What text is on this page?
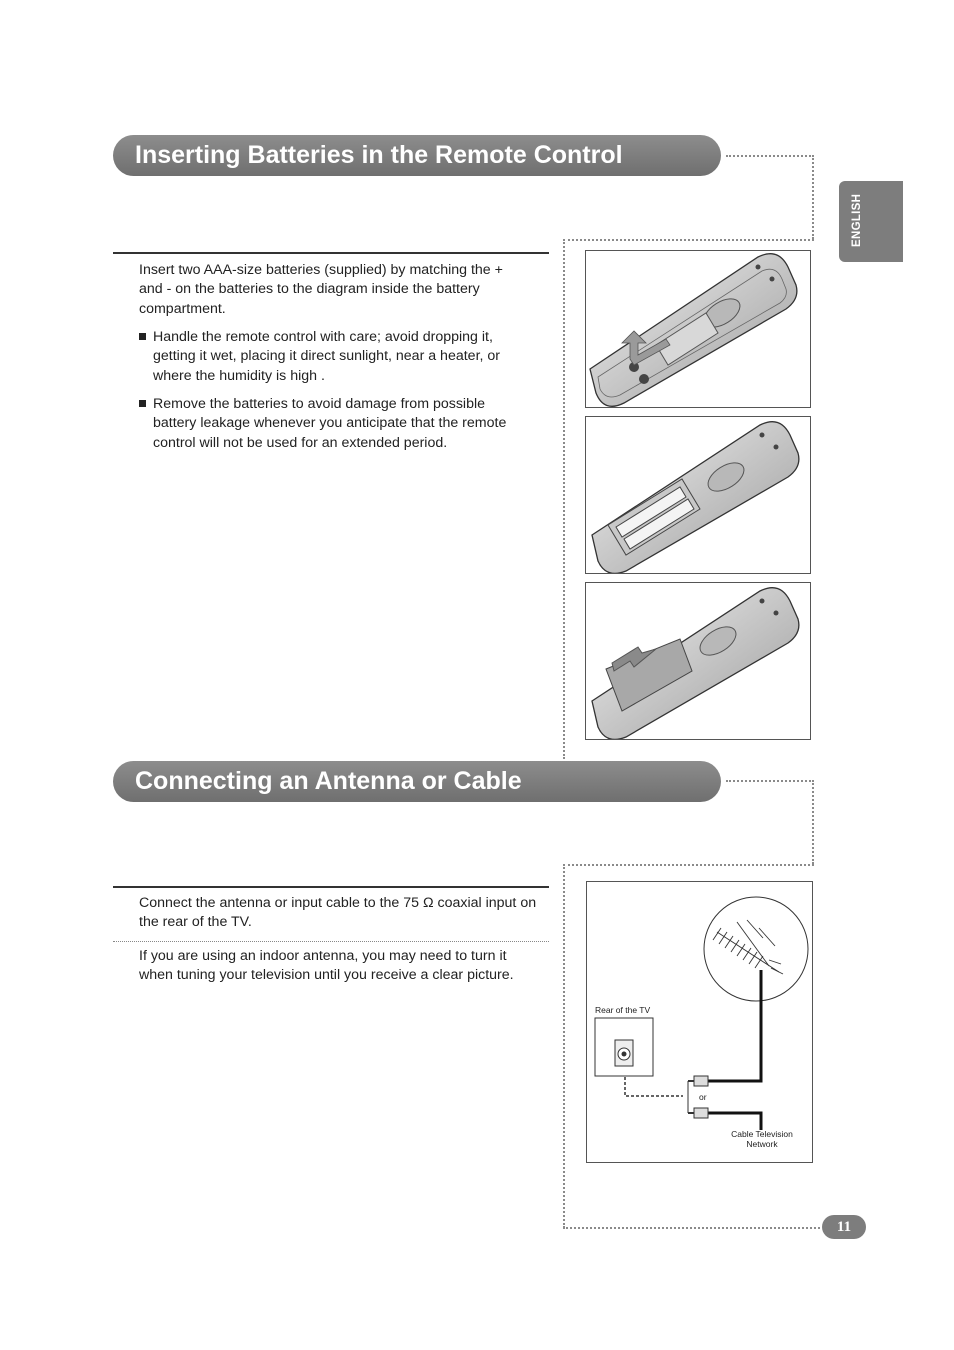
Inserting Batteries in the Remote Control
Insert two AAA-size batteries (supplied) by matching the + and - on the batteries to the diagram inside the battery compartment.
Handle the remote control with care; avoid dropping it, getting it wet, placing it direct sunlight, near a heater, or where the humidity is high .
Remove the batteries to avoid damage from possible battery leakage whenever you anticipate that the remote control will not be used for an extended period.
Connecting an Antenna or Cable
Connect the antenna or input cable to the 75 Ω coaxial input on the rear of the TV.
If you are using an indoor antenna, you may need to turn it when tuning your television until you receive a clear picture.
Rear of the TV
or
Cable Television
Network
ENGLISH
11
